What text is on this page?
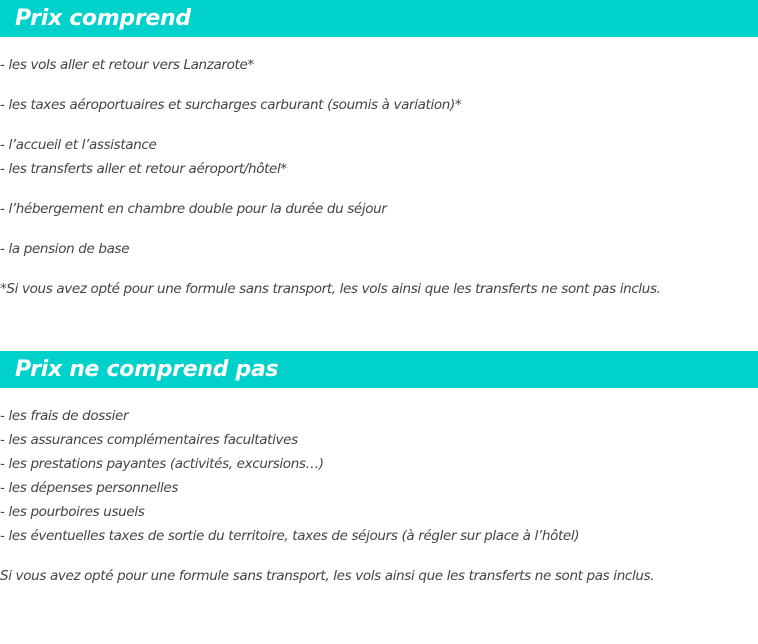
Prix comprend
- les vols aller et retour vers Lanzarote*
- les taxes aéroportuaires et surcharges carburant (soumis à variation)*
- l’accueil et l’assistance
- les transferts aller et retour aéroport/hôtel*
- l’hébergement en chambre double pour la durée du séjour
- la pension de base
*Si vous avez opté pour une formule sans transport, les vols ainsi que les transferts ne sont pas inclus.
Prix ne comprend pas
- les frais de dossier
- les assurances complémentaires facultatives
- les prestations payantes (activités, excursions…)
- les dépenses personnelles
- les pourboires usuels
- les éventuelles taxes de sortie du territoire, taxes de séjours (à régler sur place à l’hôtel)
Si vous avez opté pour une formule sans transport, les vols ainsi que les transferts ne sont pas inclus.
